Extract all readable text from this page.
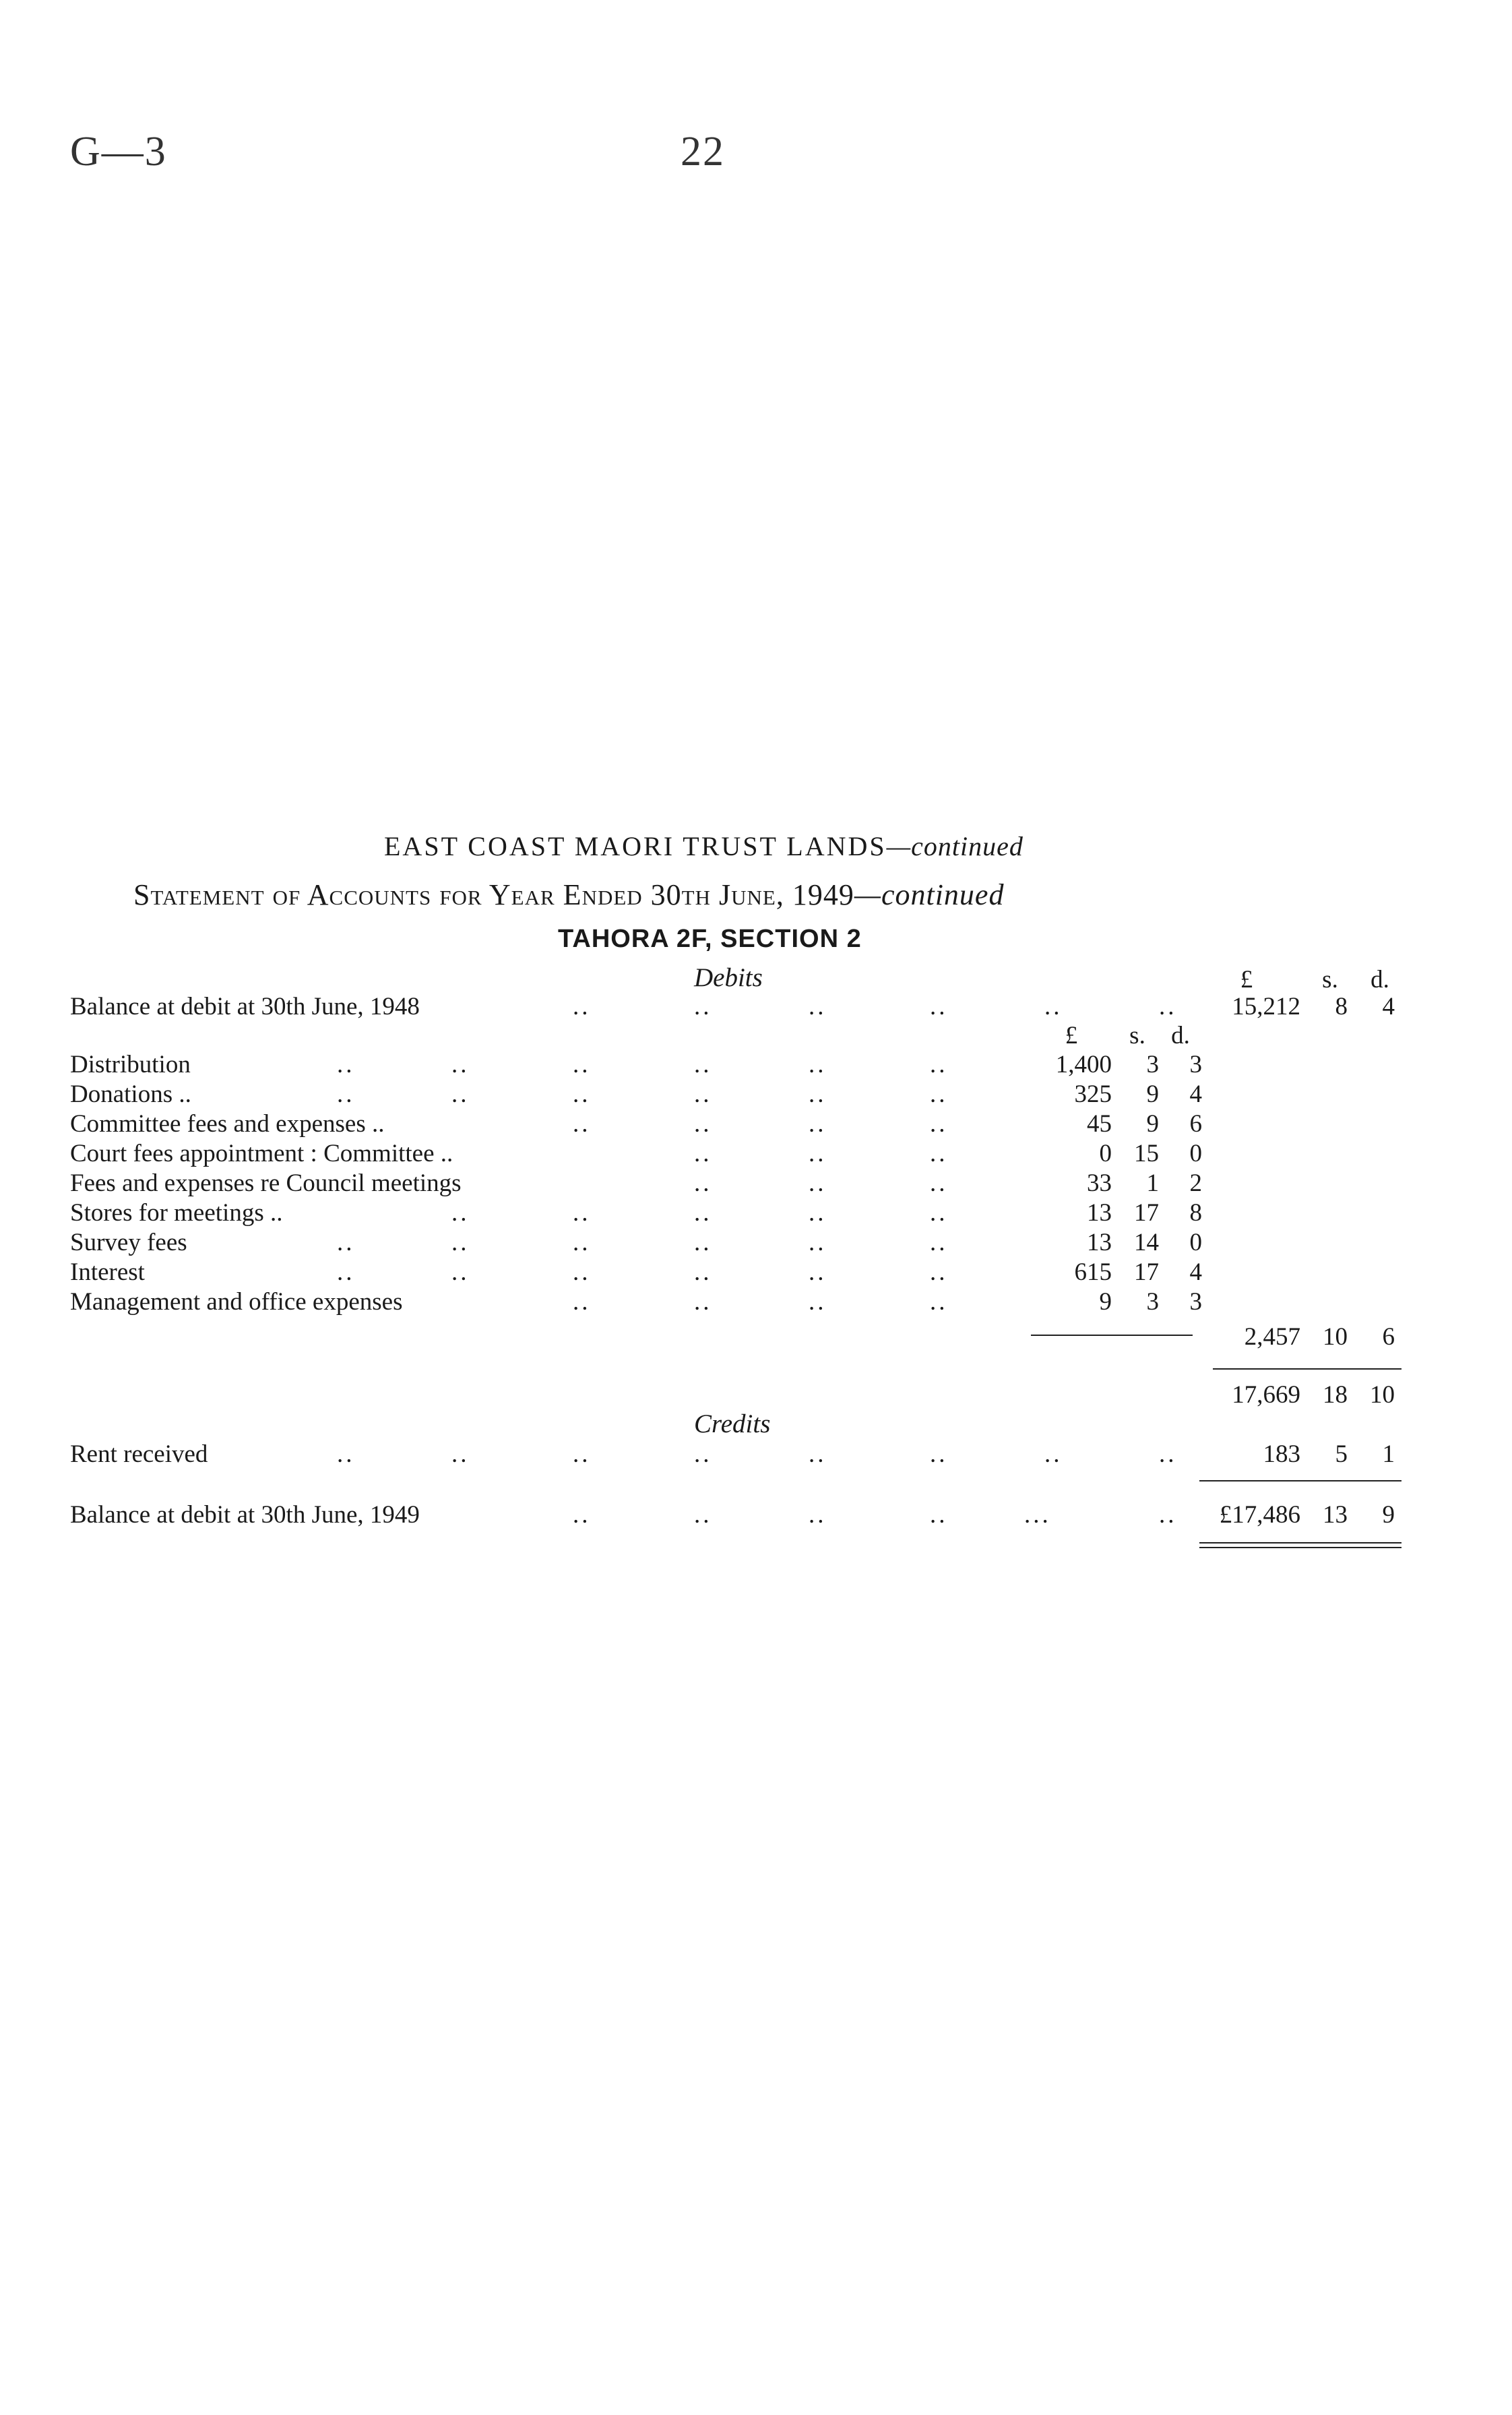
G—3	22
EAST COAST MAORI TRUST LANDS—continued
Statement of Accounts for Year Ended 30th June, 1949—continued
TAHORA 2F, SECTION 2
Debits	£	s.	d.
Balance at debit at 30th June, 1948	..	..	..	..	..	..	15,212	8	4
£	s.	d.
Distribution	..	..	..	..	..	..	1,400	3	3
Donations ..	..	..	..	..	..	..	325	9	4
Committee fees and expenses ..	..	..	..	..	45	9	6
Court fees appointment : Committee ..	..	..	..	0 15	0
Fees and expenses re Council meetings	..	..	..	33	1	2
Stores for meetings ..	..	..	..	..	..	13 17	8
Survey fees	..	..	..	..	..	..	13 14	0
Interest	..	..	..	..	..	..	615 17	4
Management and office expenses	..	..	..	..	9	3	3
2,457 10	6
17,669 18 10
Credits
Rent received	..	..	..	..	..	..	..	..	183	5	1
Balance at debit at 30th June, 1949	..	..	..	..	...	..	£17,486 13	9
